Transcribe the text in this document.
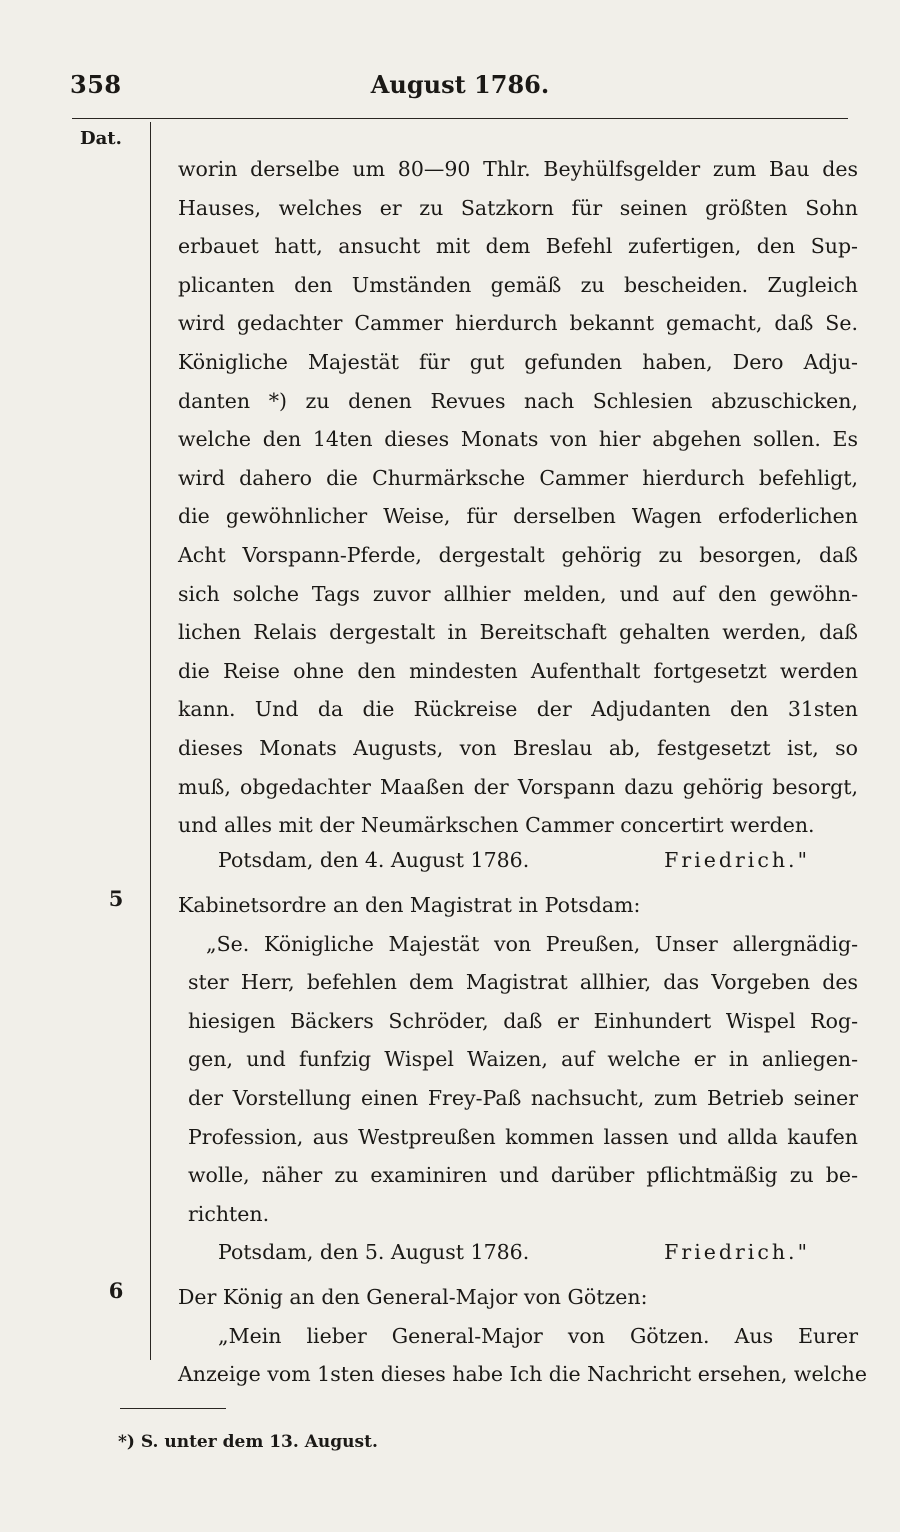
358	August 1786.
Dat.
5
6
worin derselbe um 80—90 Thlr. Beyhülfsgelder zum Bau des
Hauses, welches er zu Satzkorn für seinen größten Sohn
erbauet hatt, ansucht mit dem Befehl zufertigen, den Sup-
plicanten den Umständen gemäß zu bescheiden. Zugleich
wird gedachter Cammer hierdurch bekannt gemacht, daß Se.
Königliche Majestät für gut gefunden haben, Dero Adju-
danten *) zu denen Revues nach Schlesien abzuschicken,
welche den 14ten dieses Monats von hier abgehen sollen. Es
wird dahero die Churmärksche Cammer hierdurch befehligt,
die gewöhnlicher Weise, für derselben Wagen erfoderlichen
Acht Vorspann-Pferde, dergestalt gehörig zu besorgen, daß
sich solche Tags zuvor allhier melden, und auf den gewöhn-
lichen Relais dergestalt in Bereitschaft gehalten werden, daß
die Reise ohne den mindesten Aufenthalt fortgesetzt werden
kann. Und da die Rückreise der Adjudanten den 31sten
dieses Monats Augusts, von Breslau ab, festgesetzt ist, so
muß, obgedachter Maaßen der Vorspann dazu gehörig besorgt,
und alles mit der Neumärkschen Cammer concertirt werden.
Potsdam, den 4. August 1786.	Friedrich."
Kabinetsordre an den Magistrat in Potsdam:
„Se. Königliche Majestät von Preußen, Unser allergnädig-
ster Herr, befehlen dem Magistrat allhier, das Vorgeben des
hiesigen Bäckers Schröder, daß er Einhundert Wispel Rog-
gen, und funfzig Wispel Waizen, auf welche er in anliegen-
der Vorstellung einen Frey-Paß nachsucht, zum Betrieb seiner
Profession, aus Westpreußen kommen lassen und allda kaufen
wolle, näher zu examiniren und darüber pflichtmäßig zu be-
richten.
Potsdam, den 5. August 1786.	Friedrich."
Der König an den General-Major von Götzen:
„Mein lieber General-Major von Götzen. Aus Eurer
Anzeige vom 1sten dieses habe Ich die Nachricht ersehen, welche
*) S. unter dem 13. August.
